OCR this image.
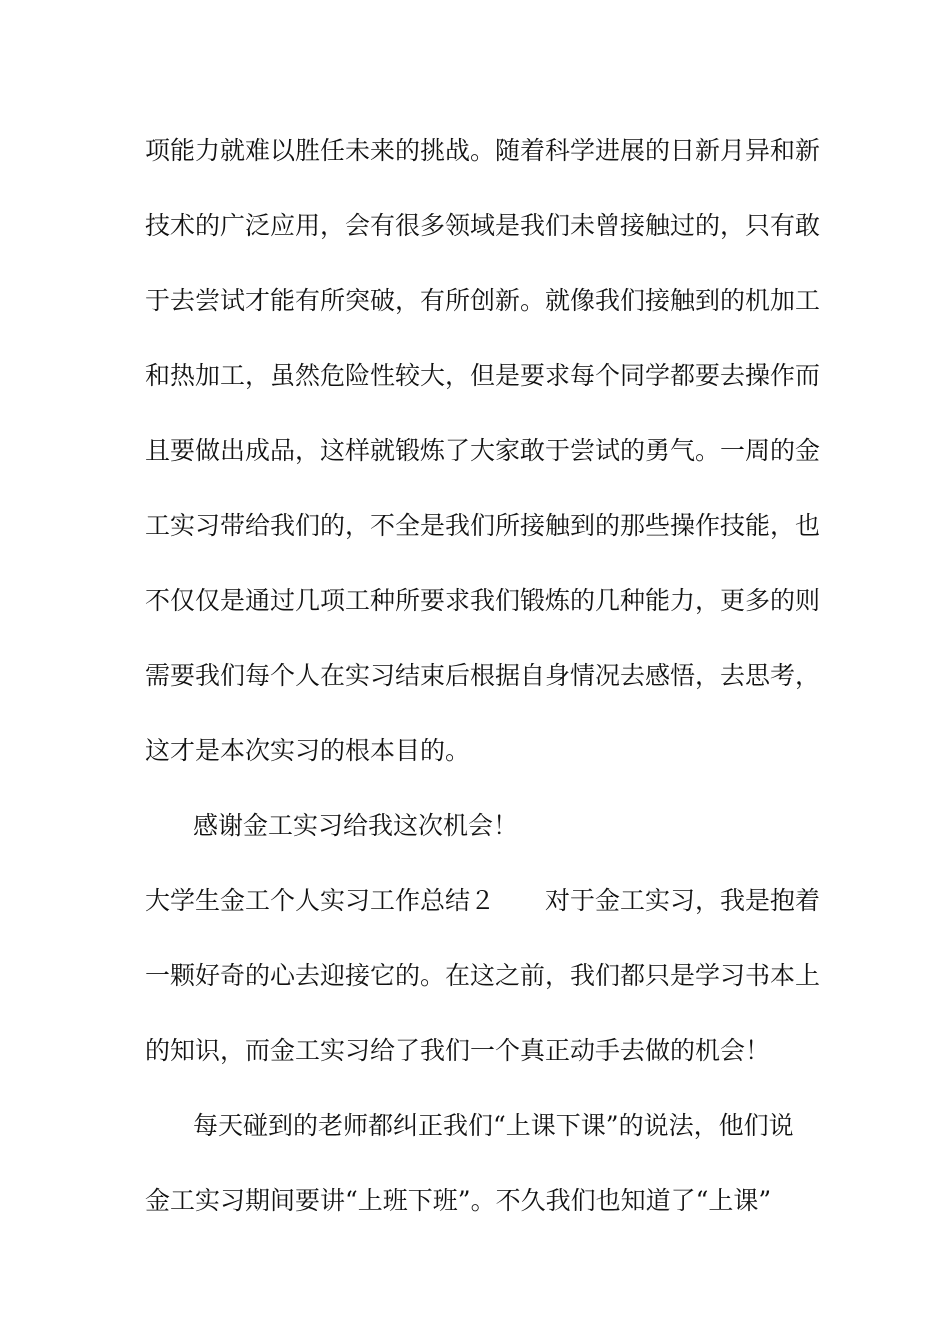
项能力就难以胜任未来的挑战。随着科学进展的日新月异和新
技术的广泛应用，会有很多领域是我们未曾接触过的，只有敢
于去尝试才能有所突破，有所创新。就像我们接触到的机加工
和热加工，虽然危险性较大，但是要求每个同学都要去操作而
且要做出成品，这样就锻炼了大家敢于尝试的勇气。一周的金
工实习带给我们的，不全是我们所接触到的那些操作技能，也
不仅仅是通过几项工种所要求我们锻炼的几种能力，更多的则
需要我们每个人在实习结束后根据自身情况去感悟，去思考，
这才是本次实习的根本目的。
感谢金工实习给我这次机会！
大学生金工个人实习工作总结２　　对于金工实习，我是抱着
一颗好奇的心去迎接它的。在这之前，我们都只是学习书本上
的知识，而金工实习给了我们一个真正动手去做的机会！
每天碰到的老师都纠正我们“上课下课”的说法，他们说
金工实习期间要讲“上班下班”。不久我们也知道了“上课”
